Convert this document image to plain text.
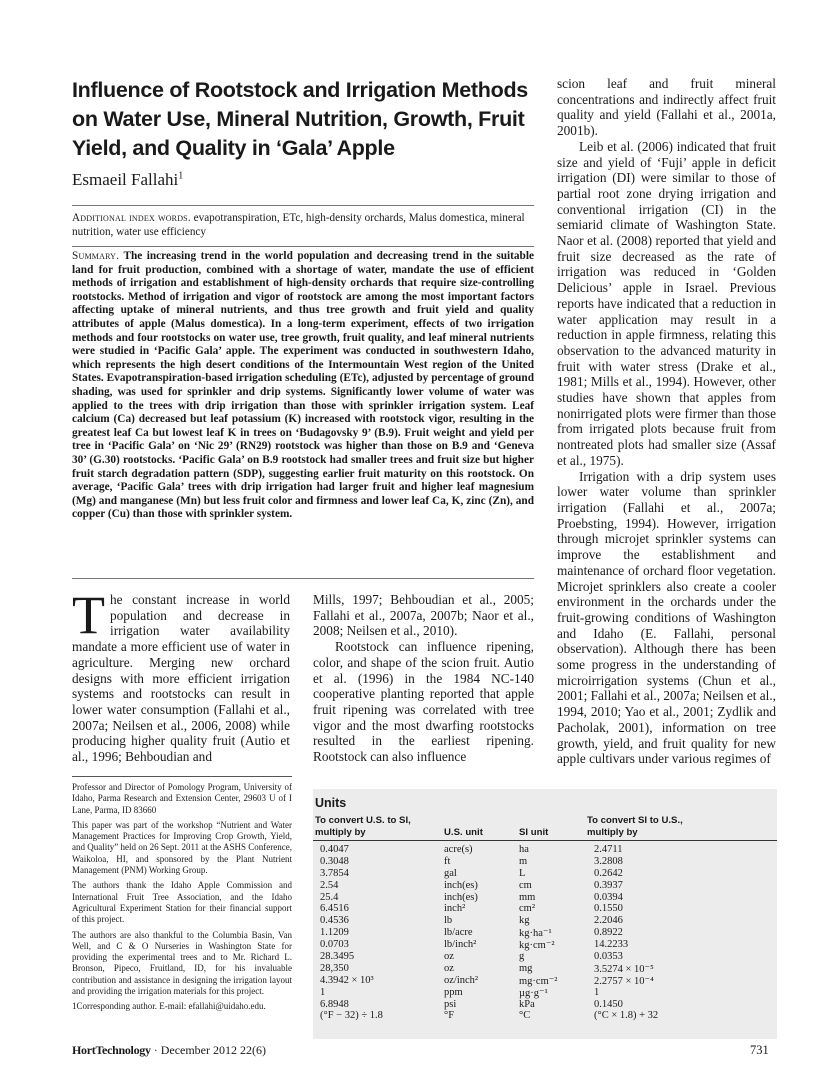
Influence of Rootstock and Irrigation Methods on Water Use, Mineral Nutrition, Growth, Fruit Yield, and Quality in ‘Gala’ Apple
Esmaeil Fallahi$^1$
Additional index words. evapotranspiration, ETc, high-density orchards, Malus domestica, mineral nutrition, water use efficiency
Summary. The increasing trend in the world population and decreasing trend in the suitable land for fruit production, combined with a shortage of water, mandate the use of efficient methods of irrigation and establishment of high-density orchards that require size-controlling rootstocks. Method of irrigation and vigor of rootstock are among the most important factors affecting uptake of mineral nutrients, and thus tree growth and fruit yield and quality attributes of apple (Malus domestica). In a long-term experiment, effects of two irrigation methods and four rootstocks on water use, tree growth, fruit quality, and leaf mineral nutrients were studied in ‘Pacific Gala’ apple. The experiment was conducted in southwestern Idaho, which represents the high desert conditions of the Intermountain West region of the United States. Evapotranspiration-based irrigation scheduling (ETc), adjusted by percentage of ground shading, was used for sprinkler and drip systems. Significantly lower volume of water was applied to the trees with drip irrigation than those with sprinkler irrigation system. Leaf calcium (Ca) decreased but leaf potassium (K) increased with rootstock vigor, resulting in the greatest leaf Ca but lowest leaf K in trees on ‘Budagovsky 9’ (B.9). Fruit weight and yield per tree in ‘Pacific Gala’ on ‘Nic 29’ (RN29) rootstock was higher than those on B.9 and ‘Geneva 30’ (G.30) rootstocks. ‘Pacific Gala’ on B.9 rootstock had smaller trees and fruit size but higher fruit starch degradation pattern (SDP), suggesting earlier fruit maturity on this rootstock. On average, ‘Pacific Gala’ trees with drip irrigation had larger fruit and higher leaf magnesium (Mg) and manganese (Mn) but less fruit color and firmness and lower leaf Ca, K, zinc (Zn), and copper (Cu) than those with sprinkler system.

The constant increase in world population and decrease in irrigation water availability mandate a more efficient use of water in agriculture. Merging new orchard designs with more efficient irrigation systems and rootstocks can result in lower water consumption (Fallahi et al., 2007a; Neilsen et al., 2006, 2008) while producing higher quality fruit (Autio et al., 1996; Behboudian and

Mills, 1997; Behboudian et al., 2005; Fallahi et al., 2007a, 2007b; Naor et al., 2008; Neilsen et al., 2010).

Rootstock can influence ripening, color, and shape of the scion fruit. Autio et al. (1996) in the 1984 NC-140 cooperative planting reported that apple fruit ripening was correlated with tree vigor and the most dwarfing rootstocks resulted in the earliest ripening. Rootstock can also influence

scion leaf and fruit mineral concentrations and indirectly affect fruit quality and yield (Fallahi et al., 2001a, 2001b).

Leib et al. (2006) indicated that fruit size and yield of ‘Fuji’ apple in deficit irrigation (DI) were similar to those of partial root zone drying irrigation and conventional irrigation (CI) in the semiarid climate of Washington State. Naor et al. (2008) reported that yield and fruit size decreased as the rate of irrigation was reduced in ‘Golden Delicious’ apple in Israel. Previous reports have indicated that a reduction in water application may result in a reduction in apple firmness, relating this observation to the advanced maturity in fruit with water stress (Drake et al., 1981; Mills et al., 1994). However, other studies have shown that apples from nonirrigated plots were firmer than those from irrigated plots because fruit from nontreated plots had smaller size (Assaf et al., 1975).

Irrigation with a drip system uses lower water volume than sprinkler irrigation (Fallahi et al., 2007a; Proebsting, 1994). However, irrigation through microjet sprinkler systems can improve the establishment and maintenance of orchard floor vegetation. Microjet sprinklers also create a cooler environment in the orchards under the fruit-growing conditions of Washington and Idaho (E. Fallahi, personal observation). Although there has been some progress in the understanding of microirrigation systems (Chun et al., 2001; Fallahi et al., 2007a; Neilsen et al., 1994, 2010; Yao et al., 2001; Zydlik and Pacholak, 2001), information on tree growth, yield, and fruit quality for new apple cultivars under various regimes of

Professor and Director of Pomology Program, University of Idaho, Parma Research and Extension Center, 29603 U of I Lane, Parma, ID 83660

This paper was part of the workshop “Nutrient and Water Management Practices for Improving Crop Growth, Yield, and Quality” held on 26 Sept. 2011 at the ASHS Conference, Waikoloa, HI, and sponsored by the Plant Nutrient Management (PNM) Working Group.

The authors thank the Idaho Apple Commission and International Fruit Tree Association, and the Idaho Agricultural Experiment Station for their financial support of this project.

The authors are also thankful to the Columbia Basin, Van Well, and C & O Nurseries in Washington State for providing the experimental trees and to Mr. Richard L. Bronson, Pipeco, Fruitland, ID, for his invaluable contribution and assistance in designing the irrigation layout and providing the irrigation materials for this project.

1Corresponding author. E-mail: efallahi@uidaho.edu.

Units
To convert U.S. to SI, multiply by	U.S. unit	SI unit
To convert SI to U.S., multiply by
0.4047	acre(s)	ha	2.4711
0.3048	ft	m	3.2808
3.7854	gal	L	0.2642
2.54	inch(es)	cm	0.3937
25.4	inch(es)	mm	0.0394
6.4516	inch²	cm²	0.1550
0.4536	lb	kg	2.2046
1.1209	lb/acre	kg·ha⁻¹	0.8922
0.0703	lb/inch²	kg·cm⁻²	14.2233
28.3495	oz	g	0.0353
28,350	oz	mg	3.5274 × 10⁻⁵
4.3942 × 10³	oz/inch²	mg·cm⁻²	2.2757 × 10⁻⁴
1	ppm	µg·g⁻¹	1
6.8948	psi	kPa	0.1450
(°F − 32) ÷ 1.8	°F	°C	(°C × 1.8) + 32
HortTechnology · December 2012 22(6)	731
